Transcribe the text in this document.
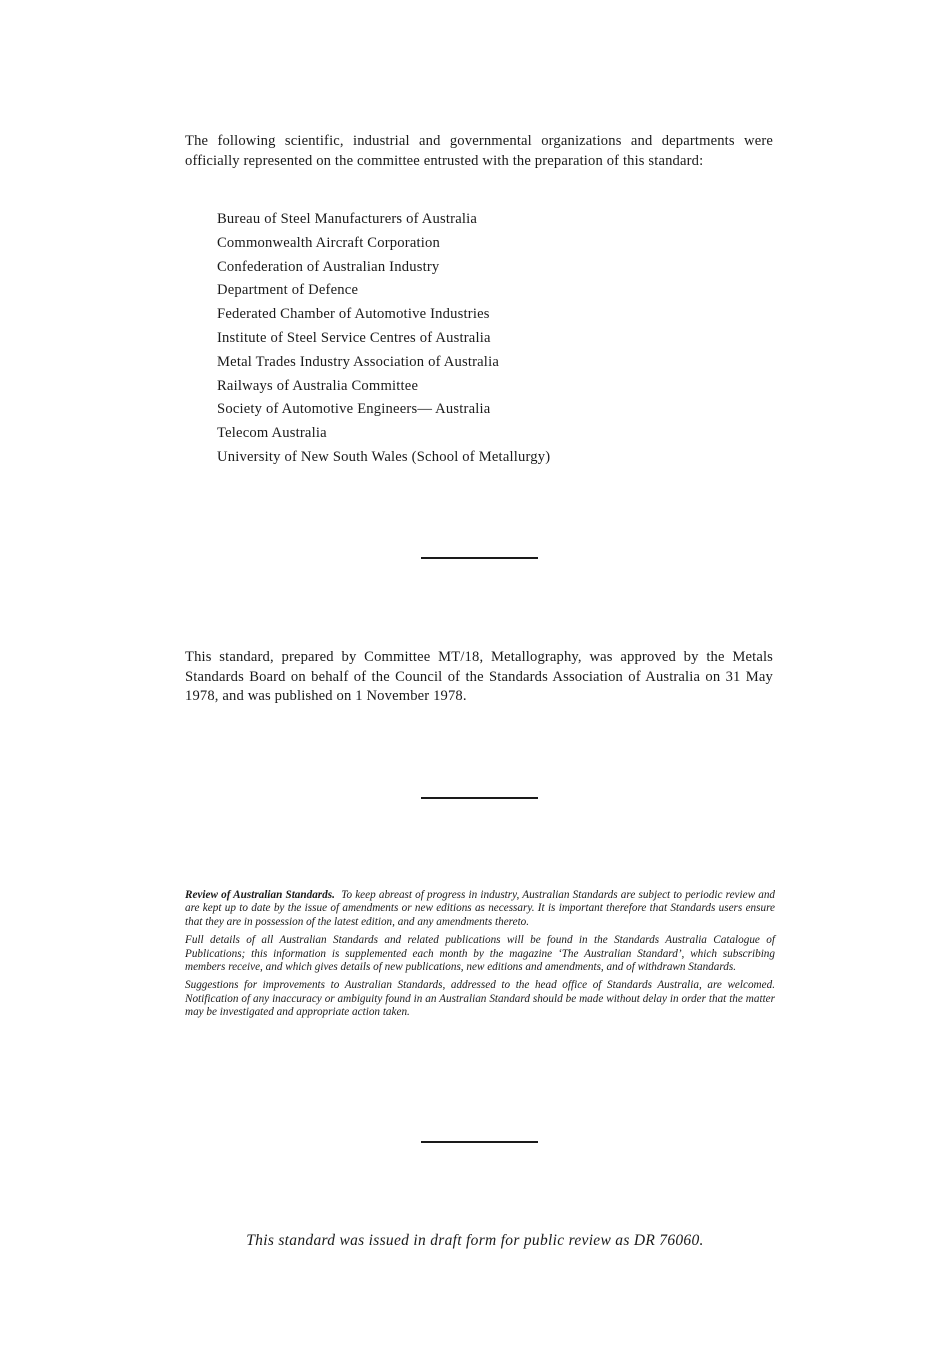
The following scientific, industrial and governmental organizations and departments were officially represented on the committee entrusted with the preparation of this standard:

Bureau of Steel Manufacturers of Australia
Commonwealth Aircraft Corporation
Confederation of Australian Industry
Department of Defence
Federated Chamber of Automotive Industries
Institute of Steel Service Centres of Australia
Metal Trades Industry Association of Australia
Railways of Australia Committee
Society of Automotive Engineers— Australia
Telecom Australia
University of New South Wales (School of Metallurgy)

This standard, prepared by Committee MT/18, Metallography, was approved by the Metals Standards Board on behalf of the Council of the Standards Association of Australia on 31 May 1978, and was published on 1 November 1978.

Review of Australian Standards. To keep abreast of progress in industry, Australian Standards are subject to periodic review and are kept up to date by the issue of amendments or new editions as necessary. It is important therefore that Standards users ensure that they are in possession of the latest edition, and any amendments thereto.

Full details of all Australian Standards and related publications will be found in the Standards Australia Catalogue of Publications; this information is supplemented each month by the magazine ‘The Australian Standard’, which subscribing members receive, and which gives details of new publications, new editions and amendments, and of withdrawn Standards.

Suggestions for improvements to Australian Standards, addressed to the head office of Standards Australia, are welcomed. Notification of any inaccuracy or ambiguity found in an Australian Standard should be made without delay in order that the matter may be investigated and appropriate action taken.

This standard was issued in draft form for public review as DR 76060.
